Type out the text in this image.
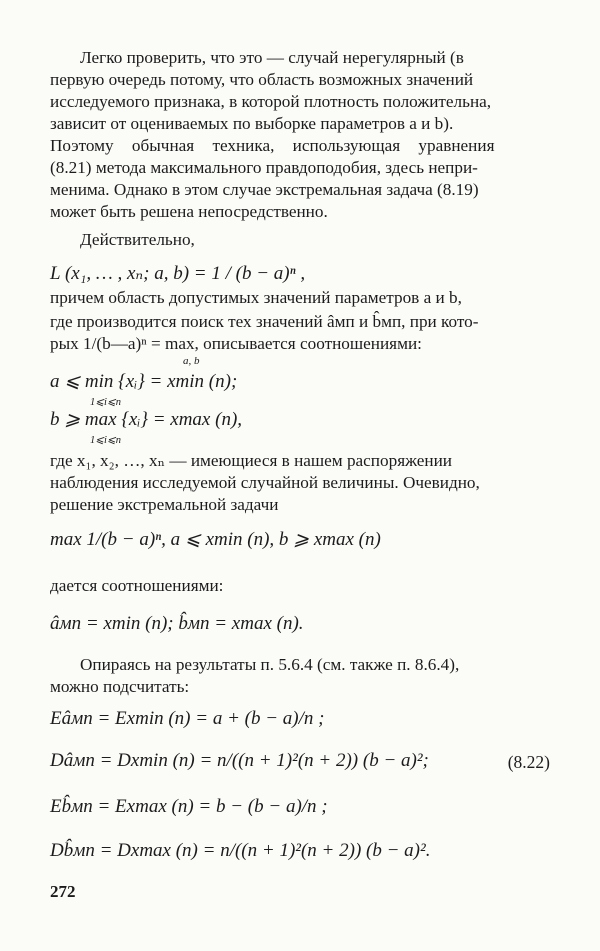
Легко проверить, что это — случай нерегулярный (в
первую очередь потому, что область возможных значений
исследуемого признака, в которой плотность положительна,
зависит от оцениваемых по выборке параметров a и b).
Поэтому обычная техника, использующая уравнения
(8.21) метода максимального правдоподобия, здесь непри-
менима. Однако в этом случае экстремальная задача (8.19)
может быть решена непосредственно.
Действительно,
L (x₁, … , xₙ; a, b) = 1 / (b − a)ⁿ ,
причем область допустимых значений параметров a и b,
где производится поиск тех значений âмп и b̂мп, при кото-
рых 1/(b—a)ⁿ = max, описывается соотношениями:
a, b
a ⩽ min {xᵢ} = xmin (n);
1⩽i⩽n
b ⩾ max {xᵢ} = xmax (n),
1⩽i⩽n
где x₁, x₂, …, xₙ — имеющиеся в нашем распоряжении
наблюдения исследуемой случайной величины. Очевидно,
решение экстремальной задачи
max 1/(b − a)ⁿ, a ⩽ xmin (n), b ⩾ xmax (n)
дается соотношениями:
âмп = xmin (n); b̂мп = xmax (n).
Опираясь на результаты п. 5.6.4 (см. также п. 8.6.4),
можно подсчитать:
Eâмп = Exmin (n) = a + (b − a)/n ;
Dâмп = Dxmin (n) = n/((n + 1)²(n + 2)) (b − a)²;	(8.22)
Eb̂мп = Exmax (n) = b − (b − a)/n ;
Db̂мп = Dxmax (n) = n/((n + 1)²(n + 2)) (b − a)².
272
